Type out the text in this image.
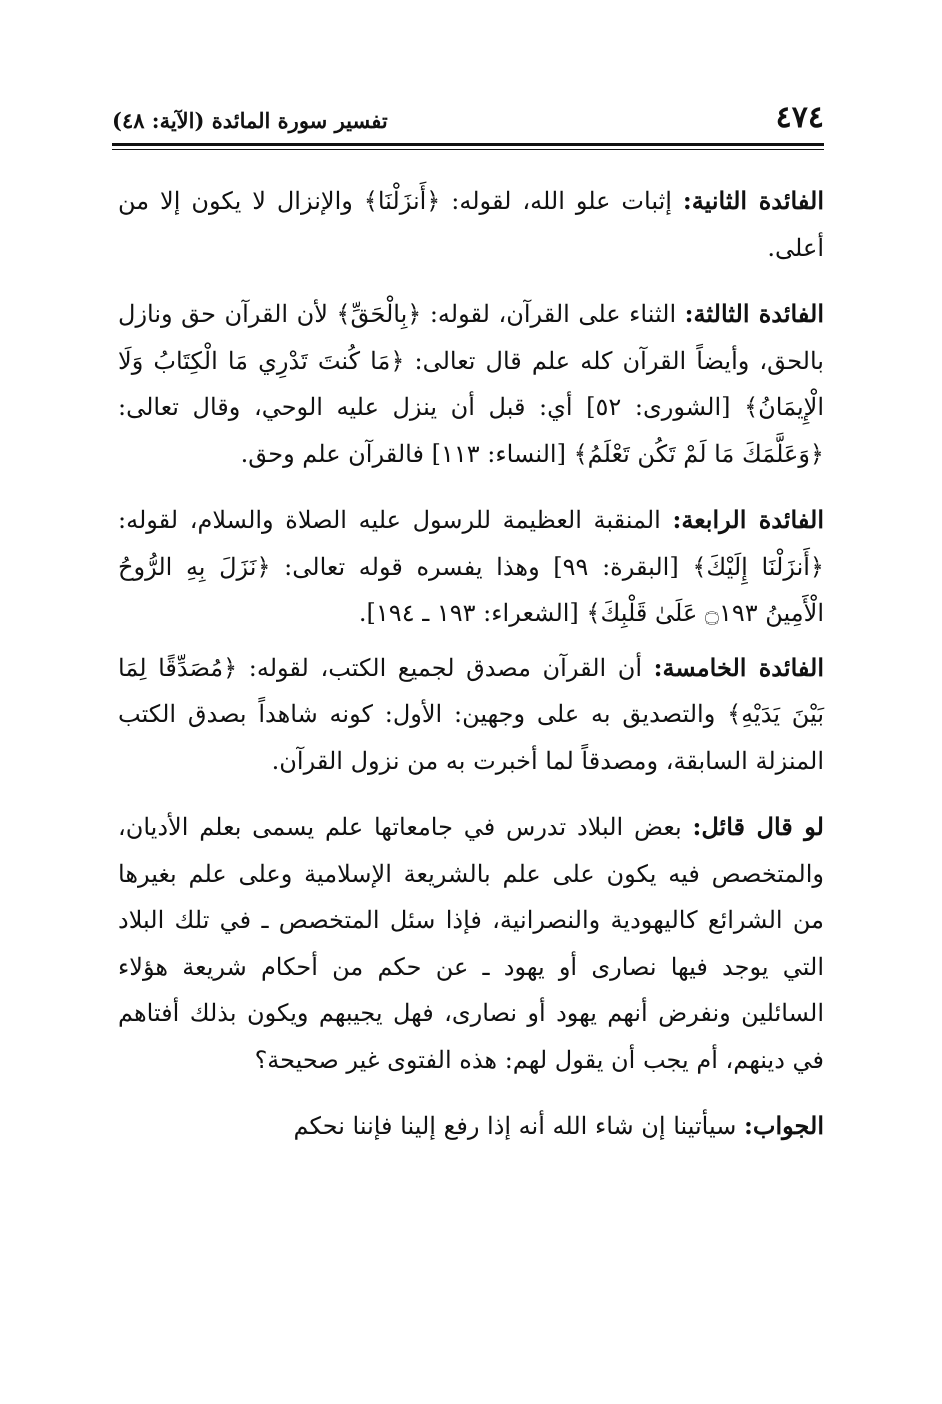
٤٧٤
تفسير سورة المائدة (الآية: ٤٨)

الفائدة الثانية: إثبات علو الله، لقوله: ﴿أَنزَلْنَا﴾ والإنزال لا يكون إلا من أعلى.

الفائدة الثالثة: الثناء على القرآن، لقوله: ﴿بِالْحَقِّ﴾ لأن القرآن حق ونازل بالحق، وأيضاً القرآن كله علم قال تعالى: ﴿مَا كُنتَ تَدْرِي مَا الْكِتَابُ وَلَا الْإِيمَانُ﴾ [الشورى: ٥٢] أي: قبل أن ينزل عليه الوحي، وقال تعالى: ﴿وَعَلَّمَكَ مَا لَمْ تَكُن تَعْلَمُ﴾ [النساء: ١١٣] فالقرآن علم وحق.

الفائدة الرابعة: المنقبة العظيمة للرسول عليه الصلاة والسلام، لقوله: ﴿أَنزَلْنَا إِلَيْكَ﴾ [البقرة: ٩٩] وهذا يفسره قوله تعالى: ﴿نَزَلَ بِهِ الرُّوحُ الْأَمِينُ ۝١٩٣ عَلَىٰ قَلْبِكَ﴾ [الشعراء: ١٩٣ ـ ١٩٤].

الفائدة الخامسة: أن القرآن مصدق لجميع الكتب، لقوله: ﴿مُصَدِّقًا لِمَا بَيْنَ يَدَيْهِ﴾ والتصديق به على وجهين: الأول: كونه شاهداً بصدق الكتب المنزلة السابقة، ومصدقاً لما أخبرت به من نزول القرآن.

لو قال قائل: بعض البلاد تدرس في جامعاتها علم يسمى بعلم الأديان، والمتخصص فيه يكون على علم بالشريعة الإسلامية وعلى علم بغيرها من الشرائع كاليهودية والنصرانية، فإذا سئل المتخصص ـ في تلك البلاد التي يوجد فيها نصارى أو يهود ـ عن حكم من أحكام شريعة هؤلاء السائلين ونفرض أنهم يهود أو نصارى، فهل يجيبهم ويكون بذلك أفتاهم في دينهم، أم يجب أن يقول لهم: هذه الفتوى غير صحيحة؟

الجواب: سيأتينا إن شاء الله أنه إذا رفع إلينا فإننا نحكم
